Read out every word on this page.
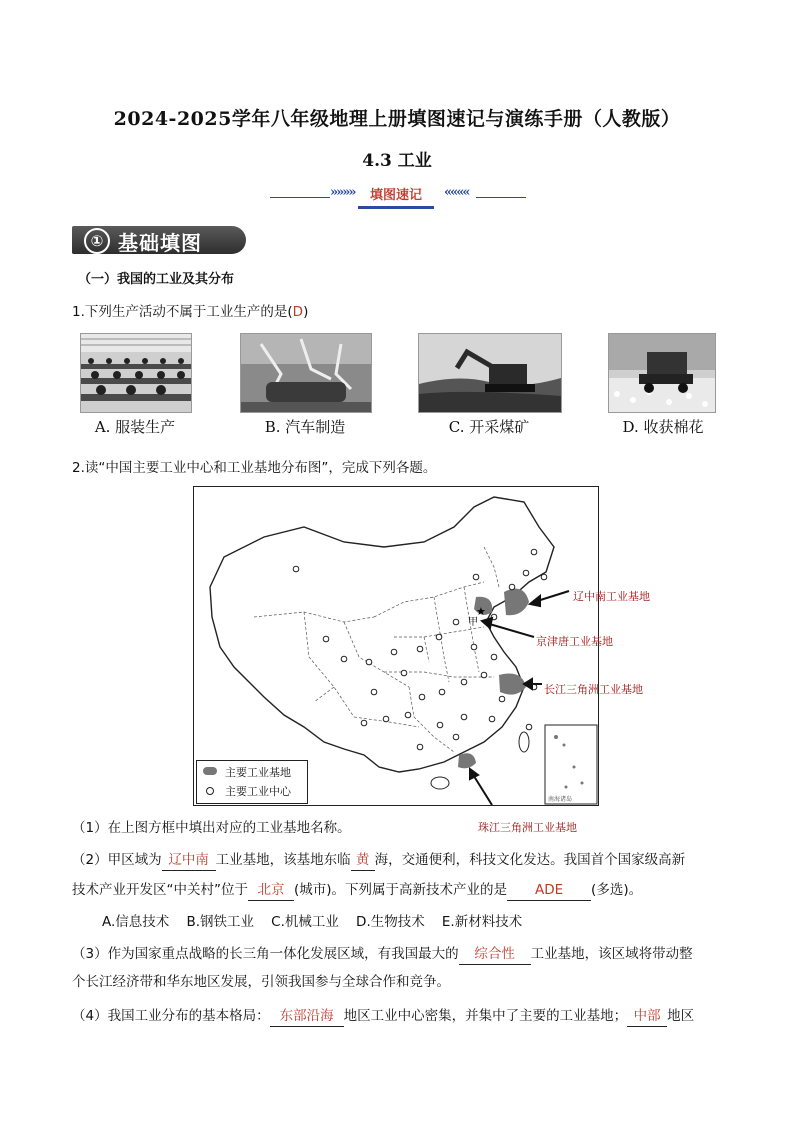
2024-2025学年八年级地理上册填图速记与演练手册（人教版）
4.3 工业
»»»»	填图速记	««««
① 基础填图
（一）我国的工业及其分布
1.下列生产活动不属于工业生产的是(D)
A. 服装生产	B. 汽车制造	C. 开采煤矿	D. 收获棉花
2.读“中国主要工业中心和工业基地分布图”，完成下列各题。
甲
★
南海诸岛
辽中南工业基地
京津唐工业基地
长江三角洲工业基地
珠江三角洲工业基地
主要工业基地
主要工业中心
（1）在上图方框中填出对应的工业基地名称。
（2）甲区域为 辽中南 工业基地，该基地东临 黄 海，交通便利，科技文化发达。我国首个国家级高新
技术产业开发区“中关村”位于 北京 (城市)。下列属于高新技术产业的是 ADE (多选)。
A.信息技术    B.钢铁工业    C.机械工业    D.生物技术    E.新材料技术
（3）作为国家重点战略的长三角一体化发展区域，有我国最大的 综合性 工业基地，该区域将带动整
个长江经济带和华东地区发展，引领我国参与全球合作和竞争。
（4）我国工业分布的基本格局： 东部沿海 地区工业中心密集，并集中了主要的工业基地； 中部 地区
